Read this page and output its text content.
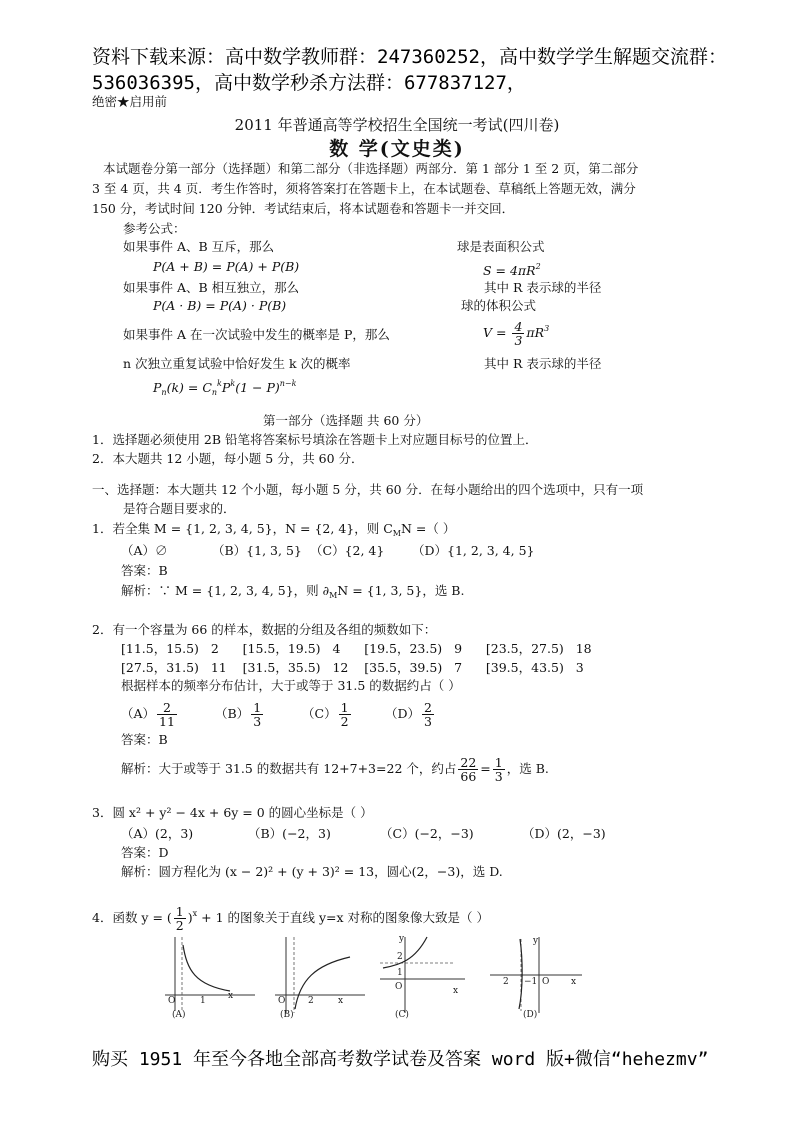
资料下载来源：高中数学教师群：247360252，高中数学学生解题交流群：
536036395，高中数学秒杀方法群：677837127，
绝密★启用前
2011 年普通高等学校招生全国统一考试(四川卷)
数 学(文史类)
本试题卷分第一部分（选择题）和第二部分（非选择题）两部分．第 1 部分 1 至 2 页，第二部分
3 至 4 页，共 4 页．考生作答时，须将答案打在答题卡上，在本试题卷、草稿纸上答题无效，满分
150 分，考试时间 120 分钟．考试结束后，将本试题卷和答题卡一并交回．
参考公式：
如果事件 A、B 互斥，那么
P(A + B) = P(A) + P(B)
如果事件 A、B 相互独立，那么
P(A · B) = P(A) · P(B)
如果事件 A 在一次试验中发生的概率是 P，那么
n 次独立重复试验中恰好发生 k 次的概率
$P_n(k) = C_n^kP^k(1 - P)^{n-k}$
球是表面积公式
$S = 4\pi R^2$
其中 R 表示球的半径
球的体积公式
$V = \frac{4}{3} \pi R^3$
其中 R 表示球的半径
第一部分（选择题 共 60 分）
1．选择题必须使用 2B 铅笔将答案标号填涂在答题卡上对应题目标号的位置上．
2．本大题共 12 小题，每小题 5 分，共 60 分．
一、选择题：本大题共 12 个小题，每小题 5 分，共 60 分．在每小题给出的四个选项中，只有一项
是符合题目要求的．
1．若全集 M = {1, 2, 3, 4, 5}，N = {2, 4}，则 $C_MN$ =（ ）
（A）∅	（B）{1, 3, 5} （C）{2, 4} （D）{1, 2, 3, 4, 5}
答案：B
解析：∵ M = {1, 2, 3, 4, 5}，则 $\partial_MN = \{1$, 3, 5}，选 B.
2．有一个容量为 66 的样本，数据的分组及各组的频数如下：
[11.5，15.5)   2      [15.5，19.5)   4      [19.5，23.5)   9      [23.5，27.5)   18
[27.5，31.5)   11    [31.5，35.5)   12    [35.5，39.5)   7      [39.5，43.5)   3
根据样本的频率分布估计，大于或等于 31.5 的数据约占（ ）
$(A) \frac{2}{11}$	$(B) \frac{1}{3}$	$(C) \frac{1}{2}$	$(D) \frac{2}{3}$
答案：B
解析：大于或等于 31.5 的数据共有 12+7+3=22 个，约占 $\frac{22}{66} = \frac{1}{3}$ ，选 B.
3．圆 x² + y² − 4x + 6y = 0 的圆心坐标是（ ）
（A）(2，3)	（B）(−2，3)	（C）(−2，−3)	（D）(2，−3)
答案：D
解析：圆方程化为 (x − 2)² + (y + 3)² = 13，圆心(2，−3)，选 D.
4．函数 y = ( $\frac{1}{2} )^x + 1$ 的图象关于直线 y=x 对称的图象像大致是（ ）
O	1 x
(A)
O	2	x
(B)
y
2
1
O	x
(C)
y
2 −1 O x
(D)
购买 1951 年至今各地全部高考数学试卷及答案 word 版+微信“hehezmv”
